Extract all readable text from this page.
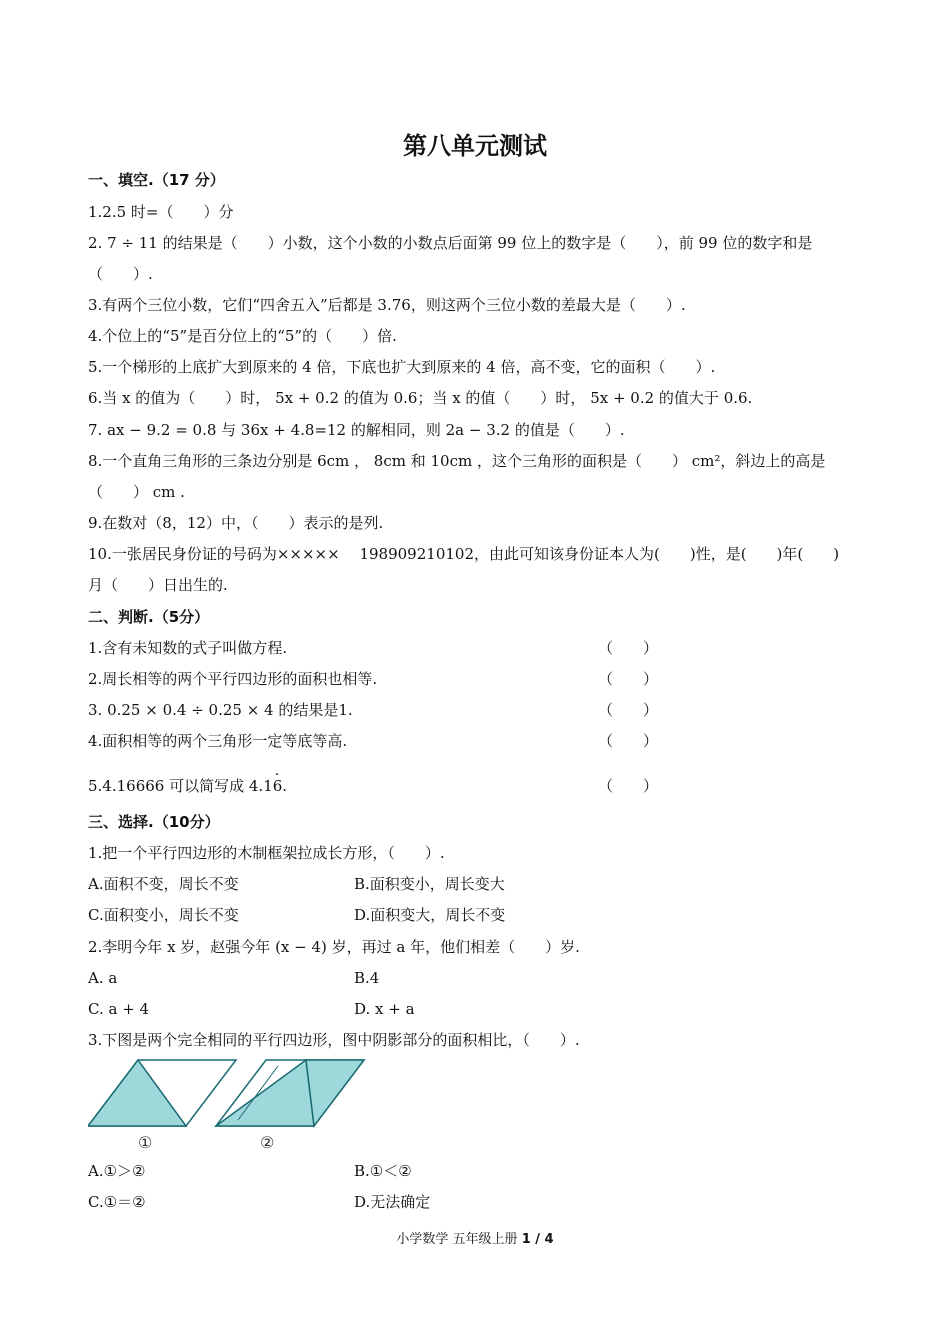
第八单元测试
一、填空.（17 分）
1.2.5 时=（　　）分
2. 7 ÷ 11 的结果是（　　）小数，这个小数的小数点后面第 99 位上的数字是（　　），前 99 位的数字和是
（　　）.
3.有两个三位小数，它们“四舍五入”后都是 3.76，则这两个三位小数的差最大是（　　）.
4.个位上的“5”是百分位上的“5”的（　　）倍.
5.一个梯形的上底扩大到原来的 4 倍，下底也扩大到原来的 4 倍，高不变，它的面积（　　）.
6.当 x 的值为（　　）时， 5x + 0.2 的值为 0.6；当 x 的值（　　）时， 5x + 0.2 的值大于 0.6.
7. ax − 9.2 = 0.8 与 36x + 4.8=12 的解相同，则 2a − 3.2 的值是（　　）.
8.一个直角三角形的三条边分别是 6cm ， 8cm 和 10cm ，这个三角形的面积是（　　） cm²，斜边上的高是
（　　） cm .
9.在数对（8，12）中，（　　）表示的是列.
10.一张居民身份证的号码为×××××　 198909210102，由此可知该身份证本人为(　　)性，是(　　)年(　　)
月（　　）日出生的.
二、判断.（5分）
1.含有未知数的式子叫做方程.	（　　）
2.周长相等的两个平行四边形的面积也相等.	（　　）
3. 0.25 × 0.4 ÷ 0.25 × 4 的结果是1.	（　　）
4.面积相等的两个三角形一定等底等高.	（　　）
5.4.16666 可以简写成 4.1· 6.	（　　）
三、选择.（10分）
1.把一个平行四边形的木制框架拉成长方形，（　　）.
A.面积不变，周长不变	B.面积变小，周长变大
C.面积变小，周长不变	D.面积变大，周长不变
2.李明今年 x 岁，赵强今年 (x − 4) 岁，再过 a 年，他们相差（　　）岁.
A. a	B.4
C. a + 4	D. x + a
3.下图是两个完全相同的平行四边形，图中阴影部分的面积相比，（　　）.
①	②
A.①＞②	B.①＜②
C.①＝②	D.无法确定
小学数学 五年级上册 1 / 4
